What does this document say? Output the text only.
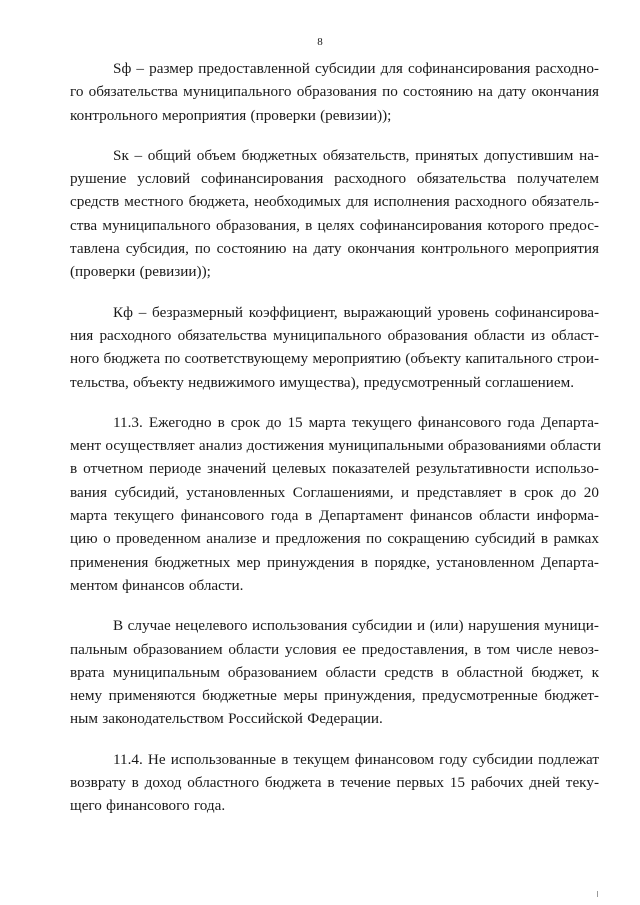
8

Sф – размер предоставленной субсидии для софинансирования расходно-
го обязательства муниципального образования по состоянию на дату окончания
контрольного мероприятия (проверки (ревизии));

Sк – общий объем бюджетных обязательств, принятых допустившим на-
рушение условий софинансирования расходного обязательства получателем
средств местного бюджета, необходимых для исполнения расходного обязатель-
ства муниципального образования, в целях софинансирования которого предос-
тавлена субсидия, по состоянию на дату окончания контрольного мероприятия
(проверки (ревизии));

Кф – безразмерный коэффициент, выражающий уровень софинансирова-
ния расходного обязательства муниципального образования области из област-
ного бюджета по соответствующему мероприятию (объекту капитального строи-
тельства, объекту недвижимого имущества), предусмотренный соглашением.

11.3. Ежегодно в срок до 15 марта текущего финансового года Департа-
мент осуществляет анализ достижения муниципальными образованиями области
в отчетном периоде значений целевых показателей результативности использо-
вания субсидий, установленных Соглашениями, и представляет в срок до 20
марта текущего финансового года в Департамент финансов области информа-
цию о проведенном анализе и предложения по сокращению субсидий в рамках
применения бюджетных мер принуждения в порядке, установленном Департа-
ментом финансов области.

В случае нецелевого использования субсидии и (или) нарушения муници-
пальным образованием области условия ее предоставления, в том числе невоз-
врата муниципальным образованием области средств в областной бюджет, к
нему применяются бюджетные меры принуждения, предусмотренные бюджет-
ным законодательством Российской Федерации.

11.4. Не использованные в текущем финансовом году субсидии подлежат
возврату в доход областного бюджета в течение первых 15 рабочих дней теку-
щего финансового года.
